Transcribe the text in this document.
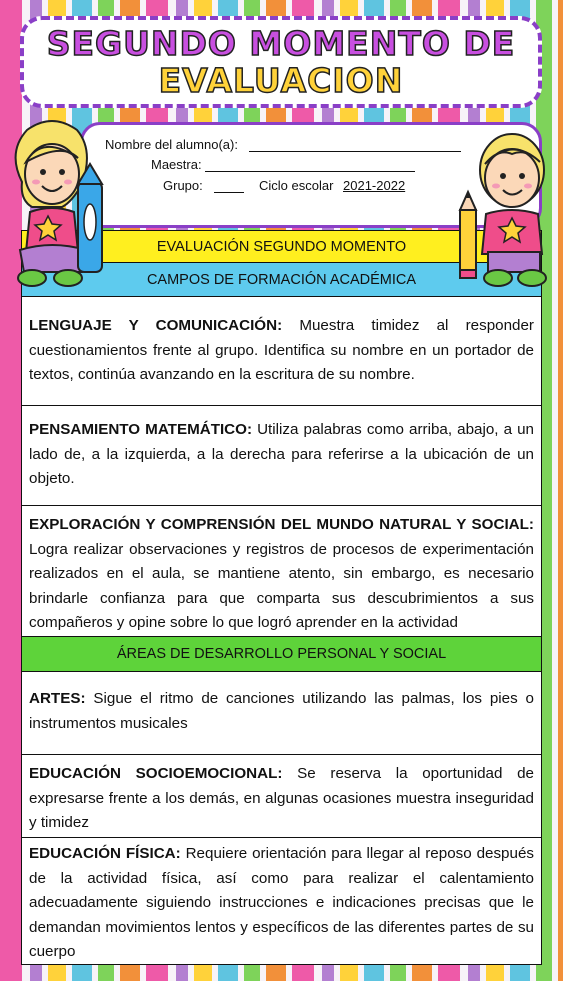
SEGUNDO MOMENTO DE
EVALUACION
Nombre del alumno(a):
Maestra:
Grupo:	Ciclo escolar 2021-2022
EVALUACIÓN SEGUNDO MOMENTO
CAMPOS DE FORMACIÓN ACADÉMICA
LENGUAJE Y COMUNICACIÓN: Muestra timidez al responder cuestionamientos frente al grupo. Identifica su nombre en un portador de textos, continúa avanzando en la escritura de su nombre.
PENSAMIENTO MATEMÁTICO: Utiliza palabras como arriba, abajo, a un lado de, a la izquierda, a la derecha para referirse a la ubicación de un objeto.
EXPLORACIÓN Y COMPRENSIÓN DEL MUNDO NATURAL Y SOCIAL: Logra realizar observaciones y registros de procesos de experimentación realizados en el aula, se mantiene atento, sin embargo, es necesario brindarle confianza para que comparta sus descubrimientos a sus compañeros y opine sobre lo que logró aprender en la actividad
ÁREAS DE DESARROLLO PERSONAL Y SOCIAL
ARTES: Sigue el ritmo de canciones utilizando las palmas, los pies o instrumentos musicales
EDUCACIÓN SOCIOEMOCIONAL: Se reserva la oportunidad de expresarse frente a los demás, en algunas ocasiones muestra inseguridad y timidez
EDUCACIÓN FÍSICA: Requiere orientación para llegar al reposo después de la actividad física, así como para realizar el calentamiento adecuadamente siguiendo instrucciones e indicaciones precisas que le demandan movimientos lentos y específicos de las diferentes partes de su cuerpo
